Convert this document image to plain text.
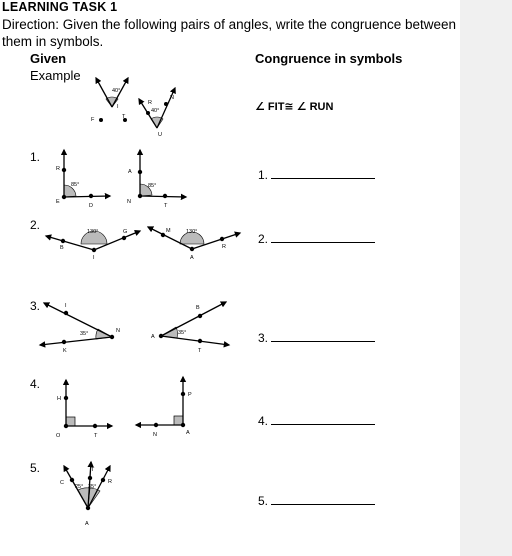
LEARNING TASK 1
Direction: Given the following pairs of angles, write the congruence between
them in symbols.
Given
Example
Congruence in symbols
∠ FIT≅ ∠ RUN
1.
2.
3.
4.
5.
1.
2.
3.
4.
5.
F	T
I
40°
R
N
U
40°
R
E
D
85°
A
N
T
85°
B
I
G
130°	M
A
R
130°
I
N
K
35°
B
A
T
35°
H
O	T
P
A
N
C
T
R
A
25° 35°
